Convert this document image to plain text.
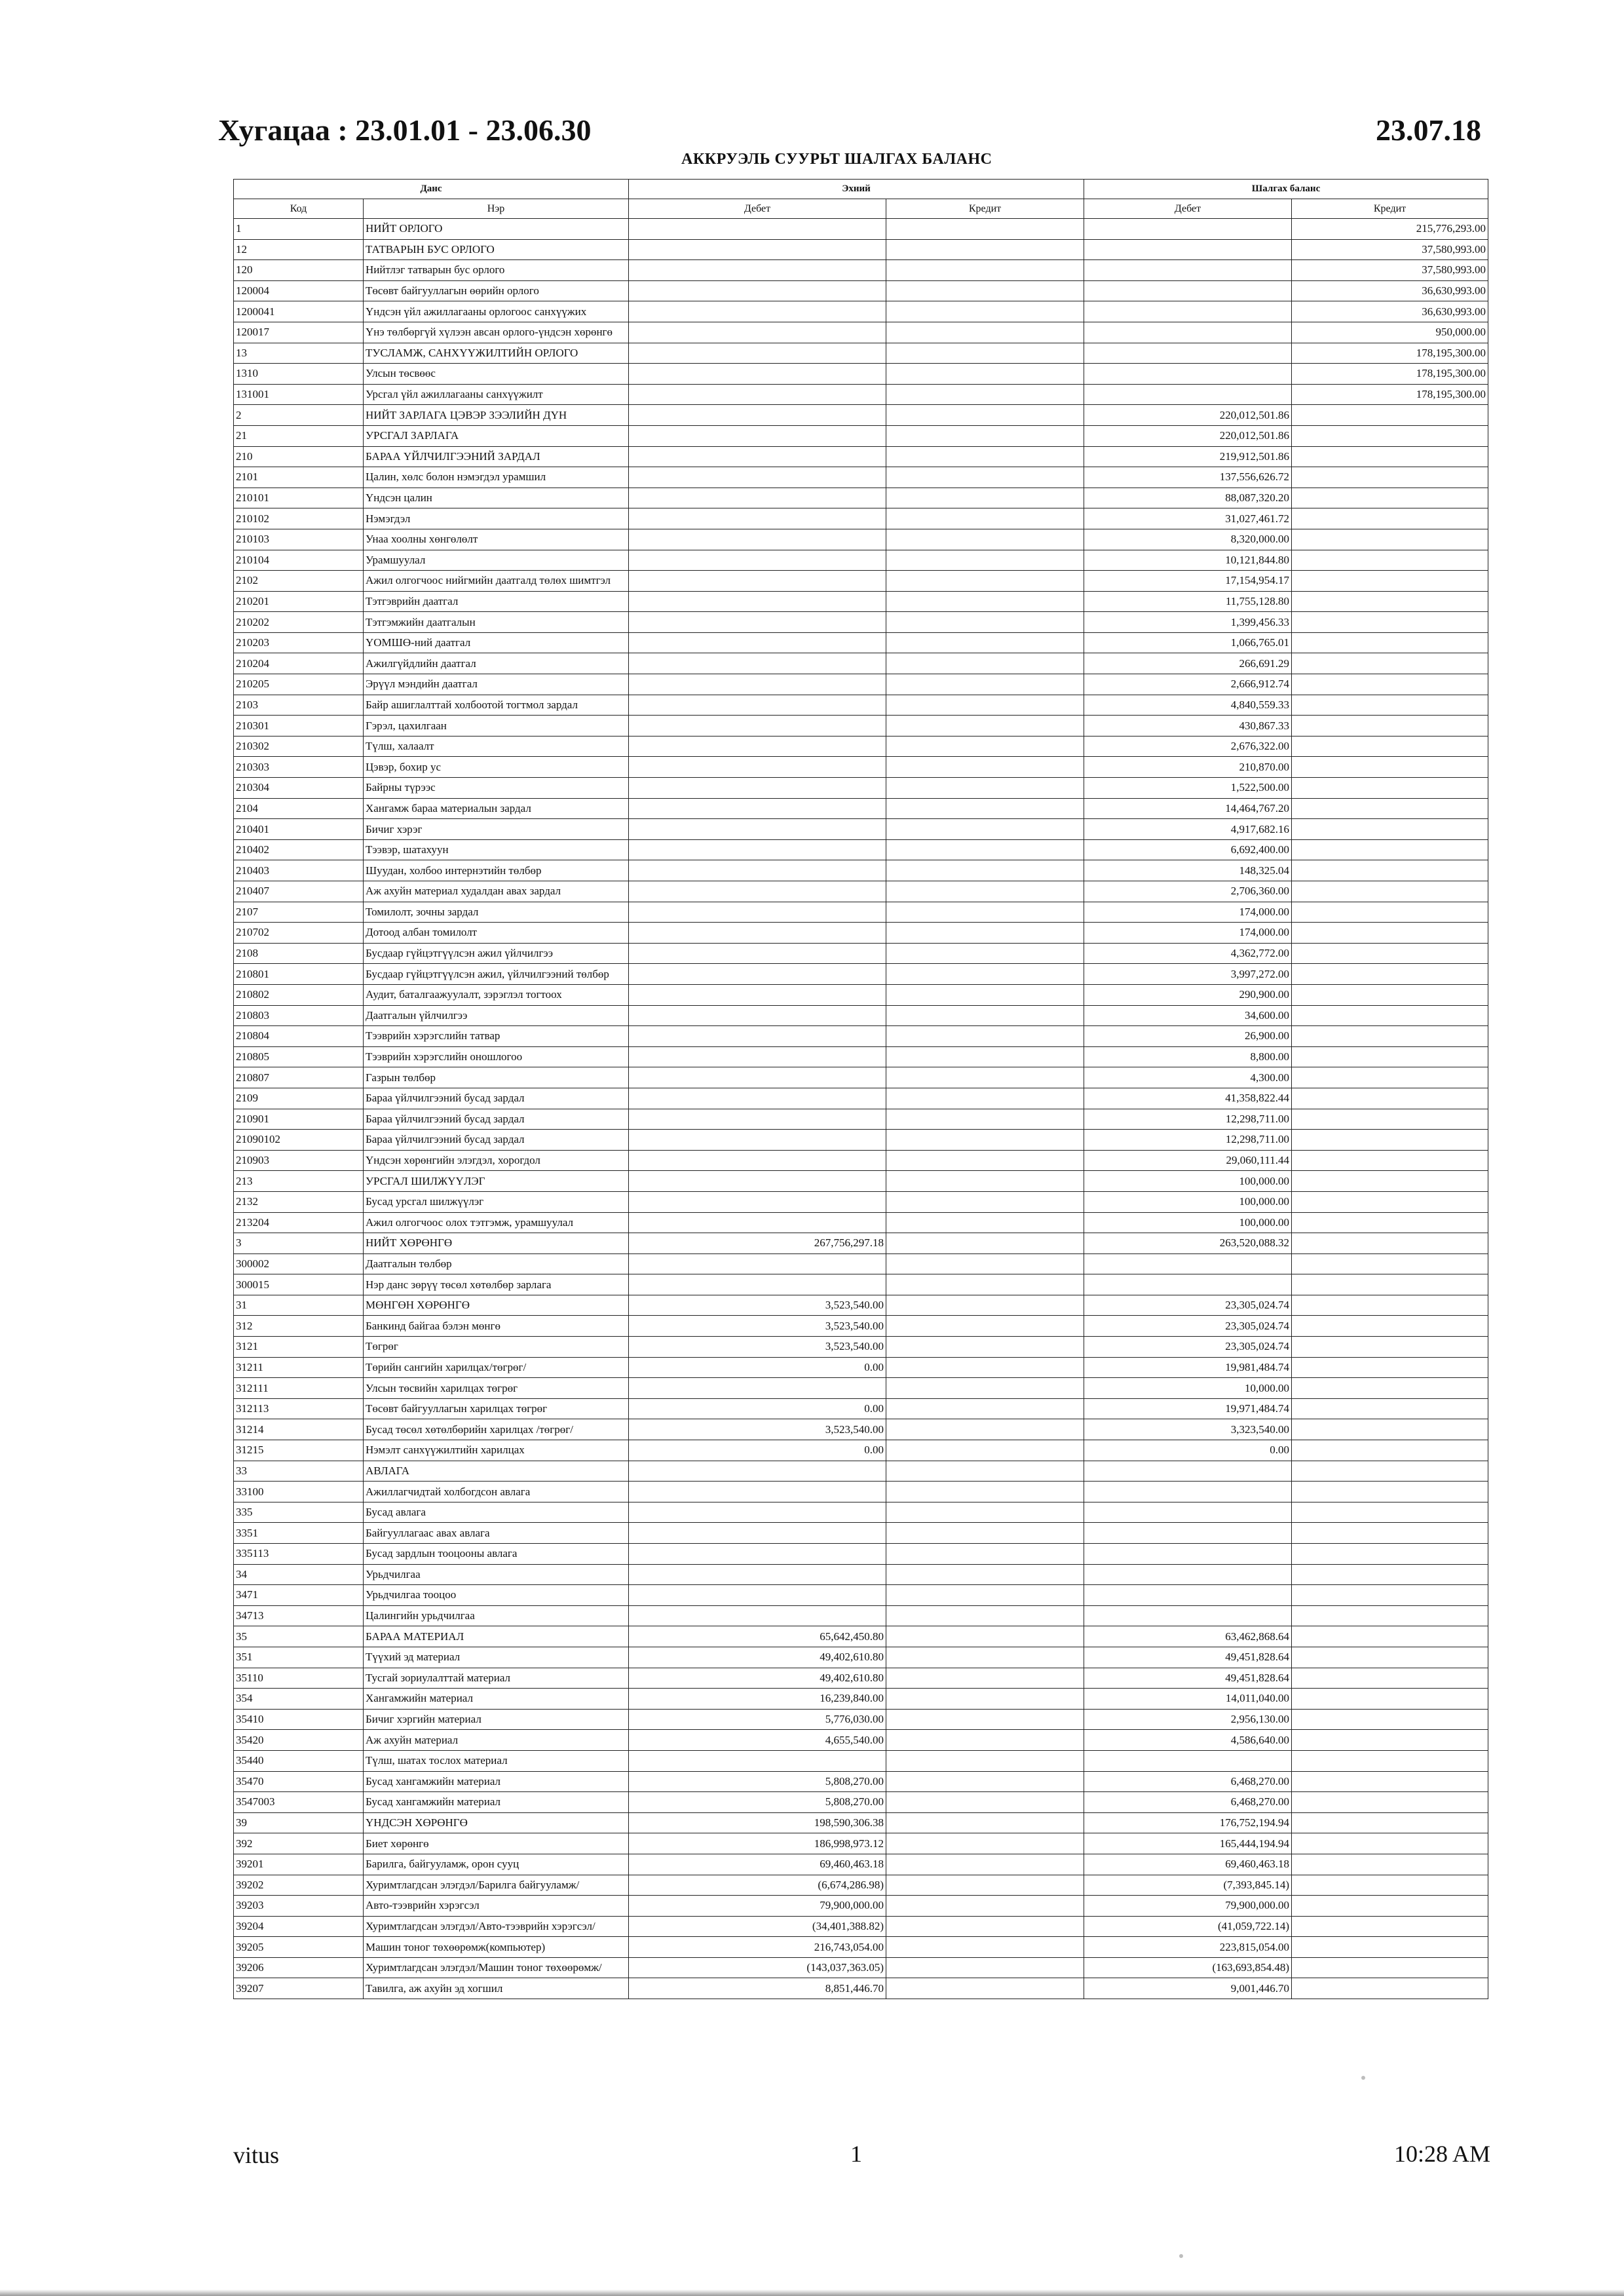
Хугацаа : 23.01.01 - 23.06.30	23.07.18
АККРУЭЛЬ СУУРЬТ ШАЛГАХ БАЛАНС
Данс		Эхний		Шалгах баланс	
Код	Нэр	Дебет	Кредит	Дебет	Кредит
1	НИЙТ ОРЛОГО				215,776,293.00
12	ТАТВАРЫН БУС ОРЛОГО				37,580,993.00
120	Нийтлэг татварын бус орлого				37,580,993.00
120004	Төсөвт байгууллагын өөрийн орлого				36,630,993.00
1200041	Үндсэн үйл ажиллагааны орлогоос санхүүжих				36,630,993.00
120017	Үнэ төлбөргүй хүлээн авсан орлого-үндсэн хөрөнгө				950,000.00
13	ТУСЛАМЖ, САНХҮҮЖИЛТИЙН ОРЛОГО				178,195,300.00
1310	Улсын төсвөөс				178,195,300.00
131001	Урсгал үйл ажиллагааны санхүүжилт				178,195,300.00
2	НИЙТ ЗАРЛАГА ЦЭВЭР ЗЭЭЛИЙН ДҮН			220,012,501.86	
21	УРСГАЛ ЗАРЛАГА			220,012,501.86	
210	БАРАА ҮЙЛЧИЛГЭЭНИЙ ЗАРДАЛ			219,912,501.86	
2101	Цалин, хөлс болон нэмэгдэл урамшил			137,556,626.72	
210101	Үндсэн цалин			88,087,320.20	
210102	Нэмэгдэл			31,027,461.72	
210103	Унаа хоолны хөнгөлөлт			8,320,000.00	
210104	Урамшуулал			10,121,844.80	
2102	Ажил олгогчоос нийгмийн даатгалд төлөх шимтгэл			17,154,954.17	
210201	Тэтгэврийн даатгал			11,755,128.80	
210202	Тэтгэмжийн даатгалын			1,399,456.33	
210203	ҮОМШӨ-ний даатгал			1,066,765.01	
210204	Ажилгүйдлийн даатгал			266,691.29	
210205	Эрүүл мэндийн даатгал			2,666,912.74	
2103	Байр ашиглалттай холбоотой тогтмол зардал			4,840,559.33	
210301	Гэрэл, цахилгаан			430,867.33	
210302	Түлш, халаалт			2,676,322.00	
210303	Цэвэр, бохир ус			210,870.00	
210304	Байрны түрээс			1,522,500.00	
2104	Хангамж бараа материалын зардал			14,464,767.20	
210401	Бичиг хэрэг			4,917,682.16	
210402	Тээвэр, шатахуун			6,692,400.00	
210403	Шуудан, холбоо интернэтийн төлбөр			148,325.04	
210407	Аж ахуйн материал худалдан авах зардал			2,706,360.00	
2107	Томилолт, зочны зардал			174,000.00	
210702	Дотоод албан томилолт			174,000.00	
2108	Бусдаар гүйцэтгүүлсэн ажил үйлчилгээ			4,362,772.00	
210801	Бусдаар гүйцэтгүүлсэн ажил, үйлчилгээний төлбөр			3,997,272.00	
210802	Аудит, баталгаажуулалт, зэрэглэл тогтоох			290,900.00	
210803	Даатгалын үйлчилгээ			34,600.00	
210804	Тээврийн хэрэгслийн татвар			26,900.00	
210805	Тээврийн хэрэгслийн оношлогоо			8,800.00	
210807	Газрын төлбөр			4,300.00	
2109	Бараа үйлчилгээний бусад зардал			41,358,822.44	
210901	Бараа үйлчилгээний бусад зардал			12,298,711.00	
21090102	Бараа үйлчилгээний бусад зардал			12,298,711.00	
210903	Үндсэн хөрөнгийн элэгдэл, хорогдол			29,060,111.44	
213	УРСГАЛ ШИЛЖҮҮЛЭГ			100,000.00	
2132	Бусад урсгал шилжүүлэг			100,000.00	
213204	Ажил олгогчоос олох тэтгэмж, урамшуулал			100,000.00	
3	НИЙТ ХӨРӨНГӨ	267,756,297.18		263,520,088.32	
300002	Даатгалын төлбөр				
300015	Нэр данс зөрүү төсөл хөтөлбөр зарлага				
31	МӨНГӨН ХӨРӨНГӨ	3,523,540.00		23,305,024.74	
312	Банкинд байгаа бэлэн мөнгө	3,523,540.00		23,305,024.74	
3121	Төгрөг	3,523,540.00		23,305,024.74	
31211	Төрийн сангийн харилцах/төгрөг/	0.00		19,981,484.74	
312111	Улсын төсвийн харилцах төгрөг			10,000.00	
312113	Төсөвт байгууллагын харилцах төгрөг	0.00		19,971,484.74	
31214	Бусад төсөл хөтөлбөрийн харилцах /төгрөг/	3,523,540.00		3,323,540.00	
31215	Нэмэлт санхүүжилтийн харилцах	0.00		0.00	
33	АВЛАГА				
33100	Ажиллагчидтай холбогдсон авлага				
335	Бусад авлага				
3351	Байгууллагаас авах авлага				
335113	Бусад зардлын тооцооны авлага				
34	Урьдчилгаа				
3471	Урьдчилгаа тооцоо				
34713	Цалингийн урьдчилгаа				
35	БАРАА МАТЕРИАЛ	65,642,450.80		63,462,868.64	
351	Түүхий эд материал	49,402,610.80		49,451,828.64	
35110	Тусгай зориулалттай материал	49,402,610.80		49,451,828.64	
354	Хангамжийн материал	16,239,840.00		14,011,040.00	
35410	Бичиг хэргийн материал	5,776,030.00		2,956,130.00	
35420	Аж ахуйн материал	4,655,540.00		4,586,640.00	
35440	Түлш, шатах тослох материал				
35470	Бусад хангамжийн материал	5,808,270.00		6,468,270.00	
3547003	Бусад хангамжийн материал	5,808,270.00		6,468,270.00	
39	ҮНДСЭН ХӨРӨНГӨ	198,590,306.38		176,752,194.94	
392	Биет хөрөнгө	186,998,973.12		165,444,194.94	
39201	Барилга, байгууламж, орон сууц	69,460,463.18		69,460,463.18	
39202	Хуримтлагдсан элэгдэл/Барилга байгууламж/	(6,674,286.98)		(7,393,845.14)	
39203	Авто-тээврийн хэрэгсэл	79,900,000.00		79,900,000.00	
39204	Хуримтлагдсан элэгдэл/Авто-тээврийн хэрэгсэл/	(34,401,388.82)		(41,059,722.14)	
39205	Машин тоног төхөөрөмж(компьютер)	216,743,054.00		223,815,054.00	
39206	Хуримтлагдсан элэгдэл/Машин тоног төхөөрөмж/	(143,037,363.05)		(163,693,854.48)	
39207	Тавилга, аж ахуйн эд хогшил	8,851,446.70		9,001,446.70	
vitus	1	10:28 AM
